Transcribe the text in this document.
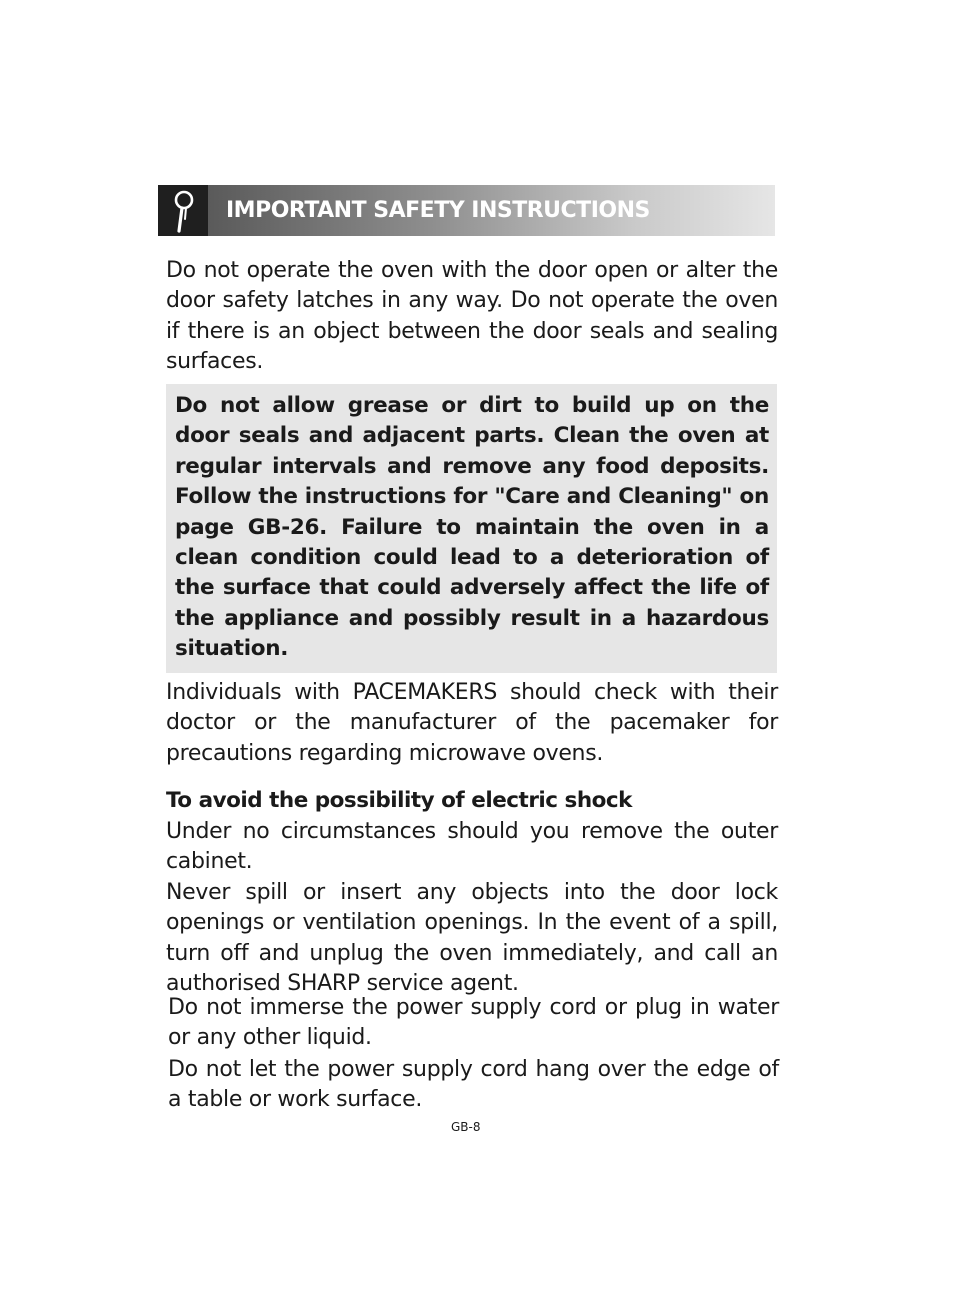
IMPORTANT SAFETY INSTRUCTIONS

Do not operate the oven with the door open or alter the door safety latches in any way. Do not operate the oven if there is an object between the door seals and sealing surfaces.

Do not allow grease or dirt to build up on the door seals and adjacent parts. Clean the oven at regular intervals and remove any food deposits. Follow the instructions for "Care and Cleaning" on page GB-26. Failure to maintain the oven in a clean condition could lead to a deterioration of the surface that could adversely affect the life of the appliance and possibly result in a hazardous situation.

Individuals with PACEMAKERS should check with their doctor or the manufacturer of the pacemaker for precautions regarding microwave ovens.

To avoid the possibility of electric shock

Under no circumstances should you remove the outer cabinet.

Never spill or insert any objects into the door lock openings or ventilation openings. In the event of a spill, turn off and unplug the oven immediately, and call an authorised SHARP service agent.

Do not immerse the power supply cord or plug in water or any other liquid.

Do not let the power supply cord hang over the edge of a table or work surface.

GB-8
